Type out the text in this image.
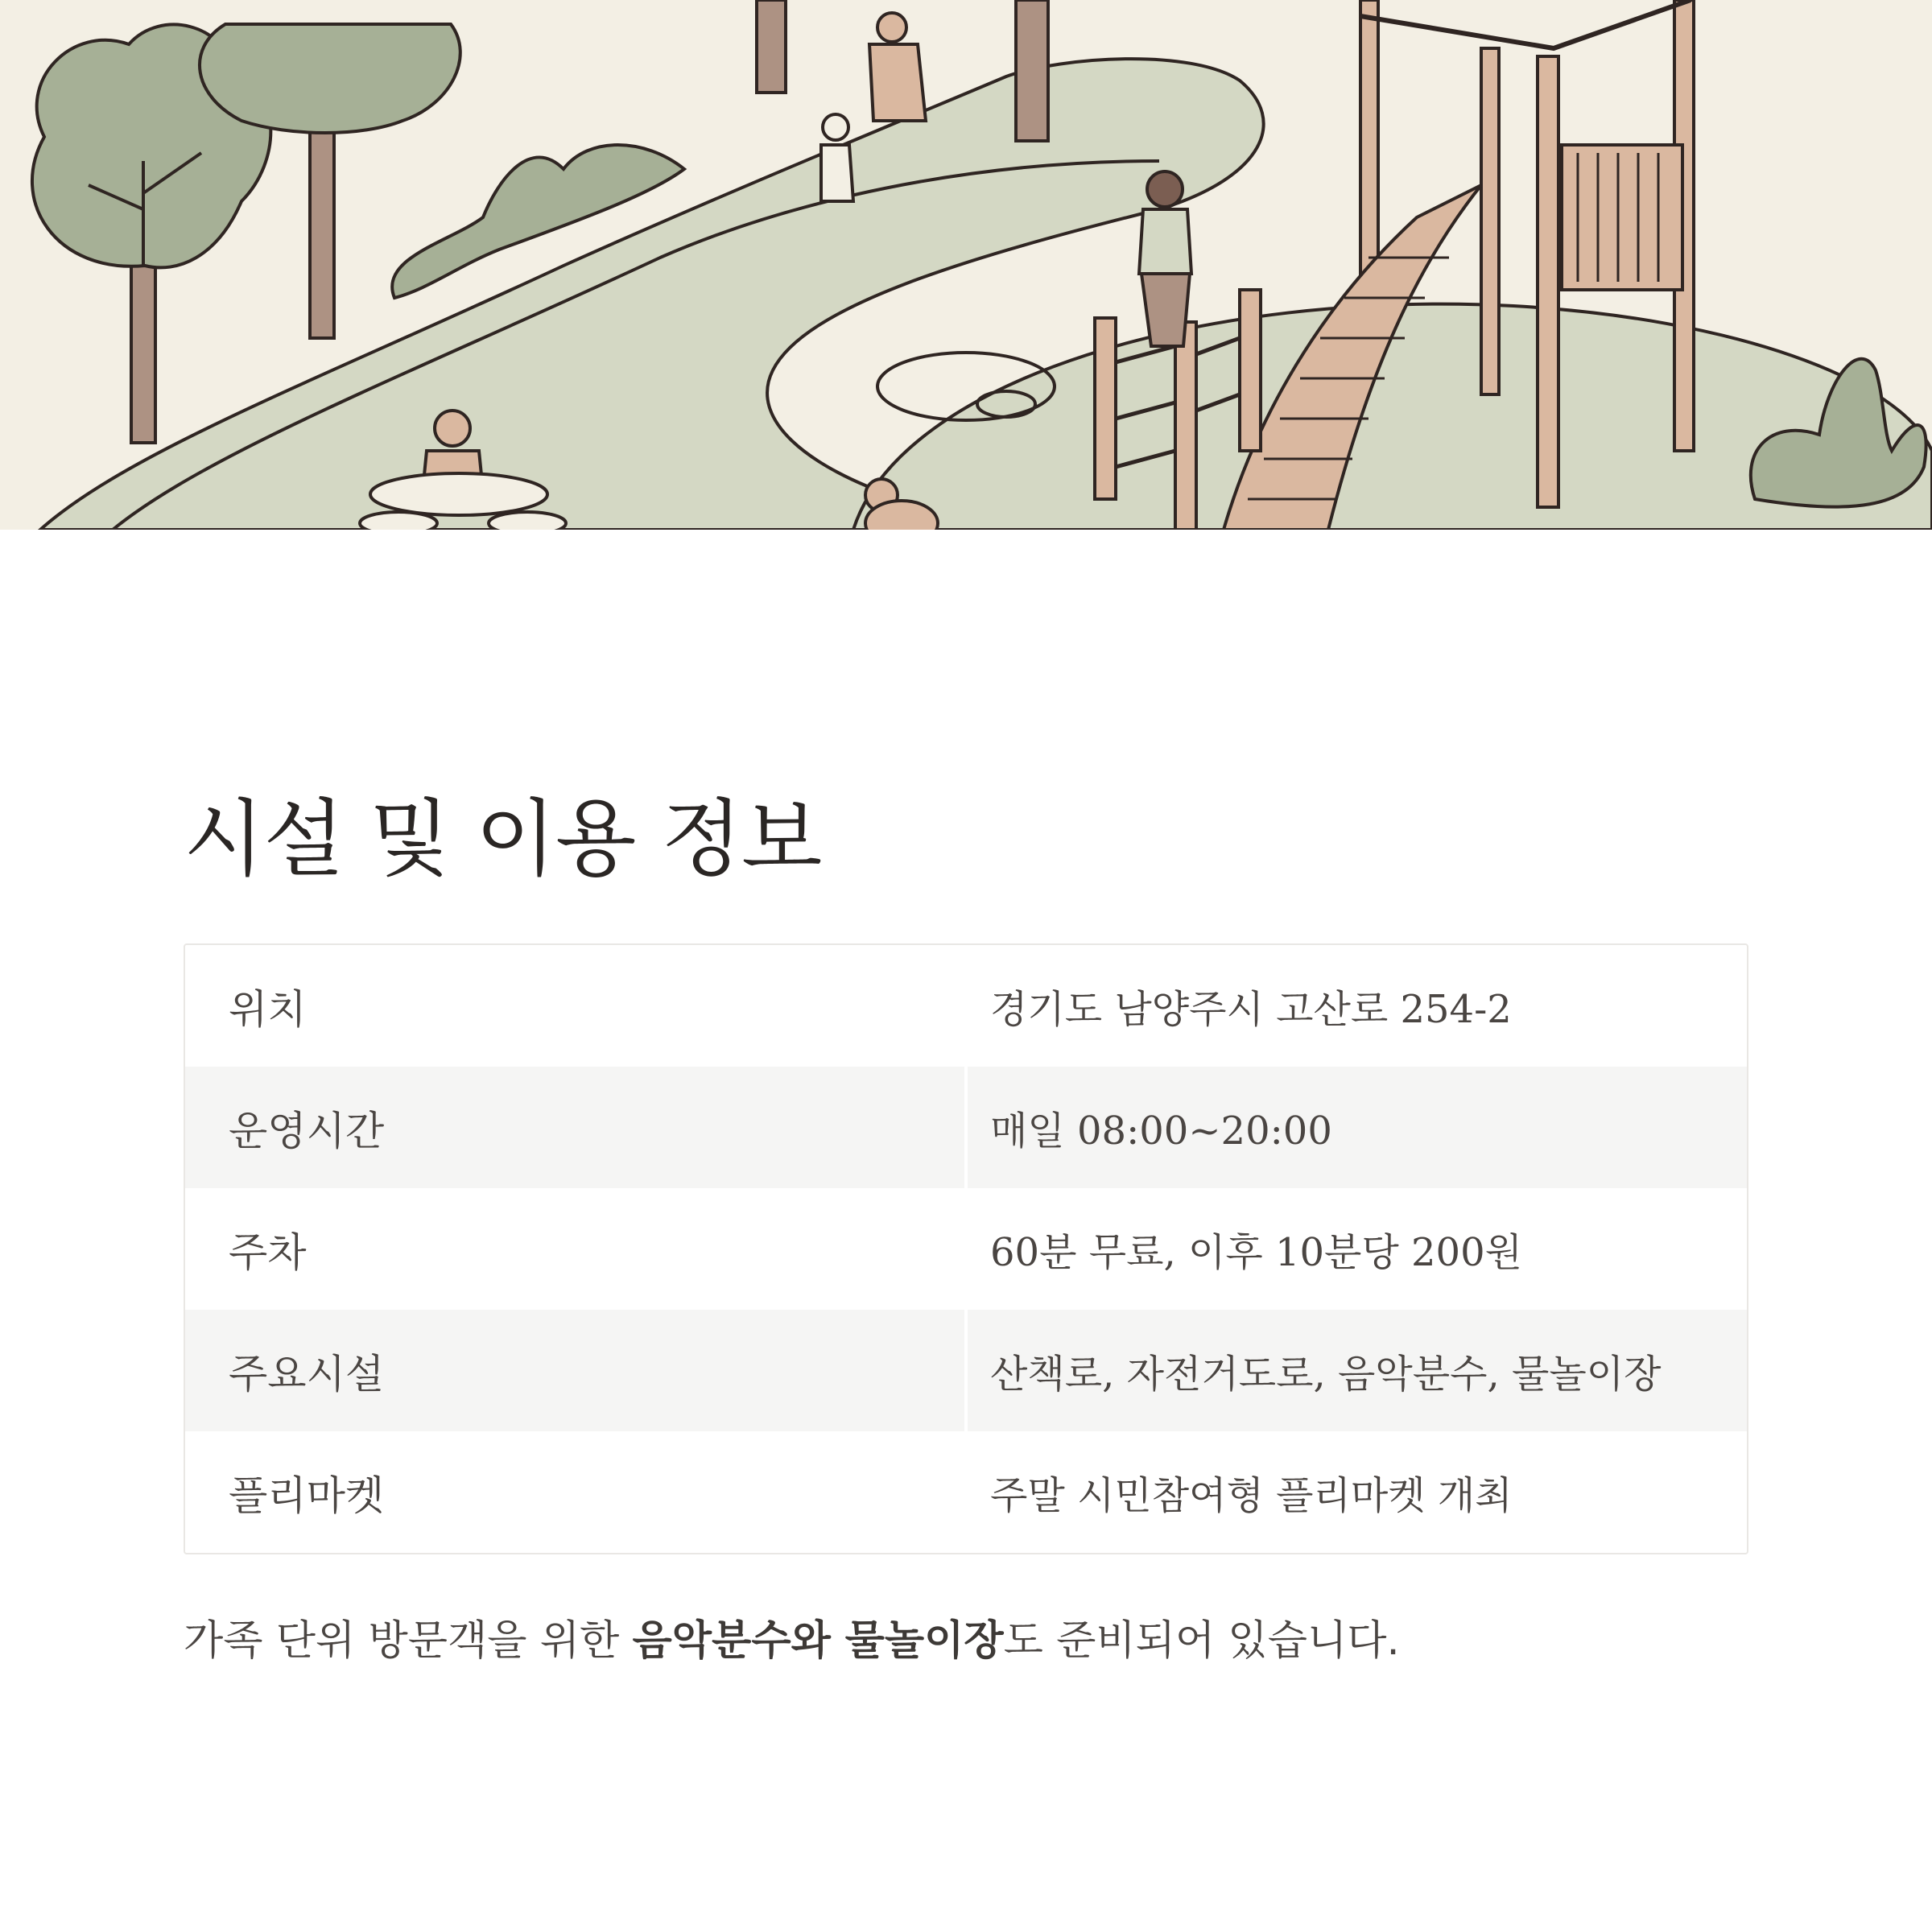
시설 및 이용 정보
위치	경기도 남양주시 고산로 254-2
운영시간	매일 08:00~20:00
주차	60분 무료, 이후 10분당 200원
주요시설	산책로, 자전거도로, 음악분수, 물놀이장
플리마켓	주말 시민참여형 플리마켓 개최

가족 단위 방문객을 위한 음악분수와 물놀이장도 준비되어 있습니다.
